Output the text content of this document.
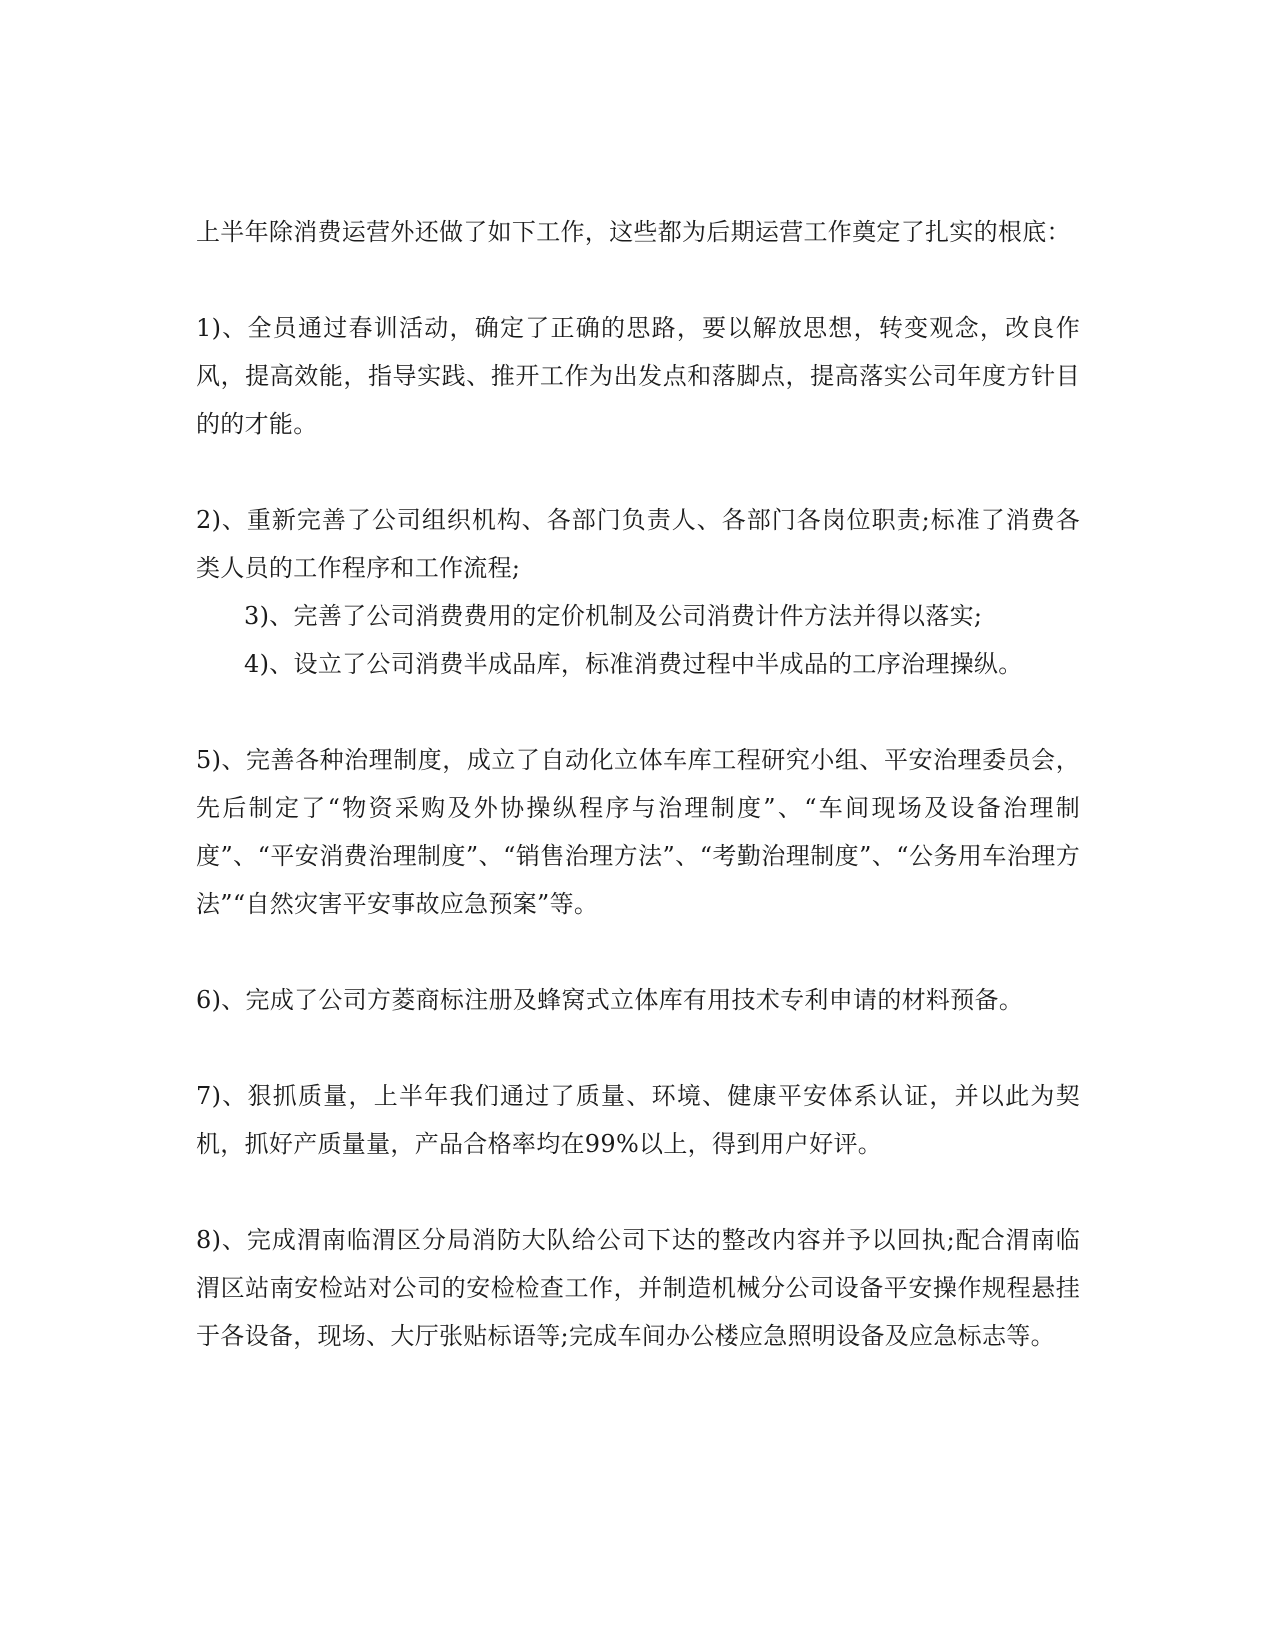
上半年除消费运营外还做了如下工作，这些都为后期运营工作奠定了扎实的根底：

1)、全员通过春训活动，确定了正确的思路，要以解放思想，转变观念，改良作风，提高效能，指导实践、推开工作为出发点和落脚点，提高落实公司年度方针目的的才能。

2)、重新完善了公司组织机构、各部门负责人、各部门各岗位职责;标准了消费各类人员的工作程序和工作流程;

3)、完善了公司消费费用的定价机制及公司消费计件方法并得以落实;

4)、设立了公司消费半成品库，标准消费过程中半成品的工序治理操纵。

5)、完善各种治理制度，成立了自动化立体车库工程研究小组、平安治理委员会，先后制定了“物资采购及外协操纵程序与治理制度”、“车间现场及设备治理制度”、“平安消费治理制度”、“销售治理方法”、“考勤治理制度”、“公务用车治理方法”“自然灾害平安事故应急预案”等。

6)、完成了公司方菱商标注册及蜂窝式立体库有用技术专利申请的材料预备。

7)、狠抓质量，上半年我们通过了质量、环境、健康平安体系认证，并以此为契机，抓好产质量量，产品合格率均在99%以上，得到用户好评。

8)、完成渭南临渭区分局消防大队给公司下达的整改内容并予以回执;配合渭南临渭区站南安检站对公司的安检检查工作，并制造机械分公司设备平安操作规程悬挂于各设备，现场、大厅张贴标语等;完成车间办公楼应急照明设备及应急标志等。
